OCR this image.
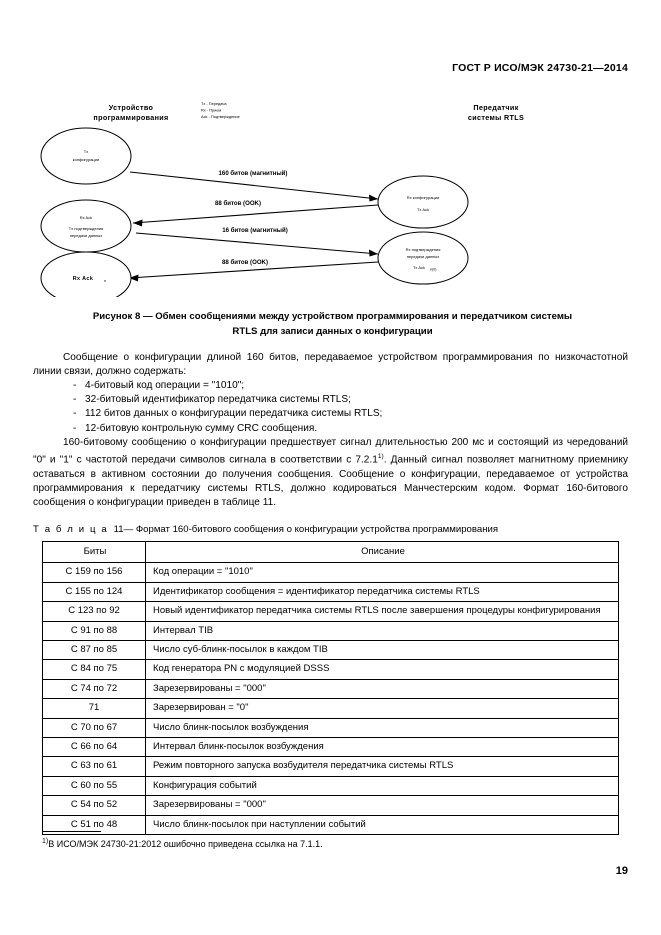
ГОСТ Р ИСО/МЭК 24730-21—2014
Устройство
программирования
Передатчик
системы RTLS
Tx - Передача
Rx - Прием
Ack - Подтверждение
Tx
конфигурации
Rx Ack
Tx подтверждения
передачи данных
Rx Ack	n
Rx конфигурации
Tx Ack
Rx подтверждения
передачи данных
Tx Ack n(0)
160 битов (магнитный)
88 битов (OOK)
16 битов (магнитный)
88 битов (OOK)
Рисунок 8 — Обмен сообщениями между устройством программирования и передатчиком системы
RTLS для записи данных о конфигурации
Сообщение о конфигурации длиной 160 битов, передаваемое устройством программирования по низкочастотной линии связи, должно содержать:
- 4-битовый код операции = "1010";
- 32-битовый идентификатор передатчика системы RTLS;
- 112 битов данных о конфигурации передатчика системы RTLS;
- 12-битовую контрольную сумму CRC сообщения.
160-битовому сообщению о конфигурации предшествует сигнал длительностью 200 мс и состоящий из чередований "0" и "1" с частотой передачи символов сигнала в соответствии с 7.2.1$^{1)}$. Данный сигнал позволяет магнитному приемнику оставаться в активном состоянии до получения сообщения. Сообщение о конфигурации, передаваемое от устройства программирования к передатчику системы RTLS, должно кодироваться Манчестерским кодом. Формат 160-битового сообщения о конфигурации приведен в таблице 11.
Т а б л и ц а 11— Формат 160-битового сообщения о конфигурации устройства программирования
Биты	Описание
С 159 по 156	Код операции = "1010"
С 155 по 124	Идентификатор сообщения = идентификатор передатчика системы RTLS
С 123 по 92	Новый идентификатор передатчика системы RTLS после завершения процедуры конфигурирования
С 91 по 88	Интервал TIB
С 87 по 85	Число суб-блинк-посылок в каждом TIB
С 84 по 75	Код генератора PN с модуляцией DSSS
С 74 по 72	Зарезервированы = "000"
71	Зарезервирован = "0"
С 70 по 67	Число блинк-посылок возбуждения
С 66 по 64	Интервал блинк-посылок возбуждения
С 63 по 61	Режим повторного запуска возбудителя передатчика системы RTLS
С 60 по 55	Конфигурация событий
С 54 по 52	Зарезервированы = "000"
С 51 по 48	Число блинк-посылок при наступлении событий
$^{1)}$В ИСО/МЭК 24730-21:2012 ошибочно приведена ссылка на 7.1.1.
19
